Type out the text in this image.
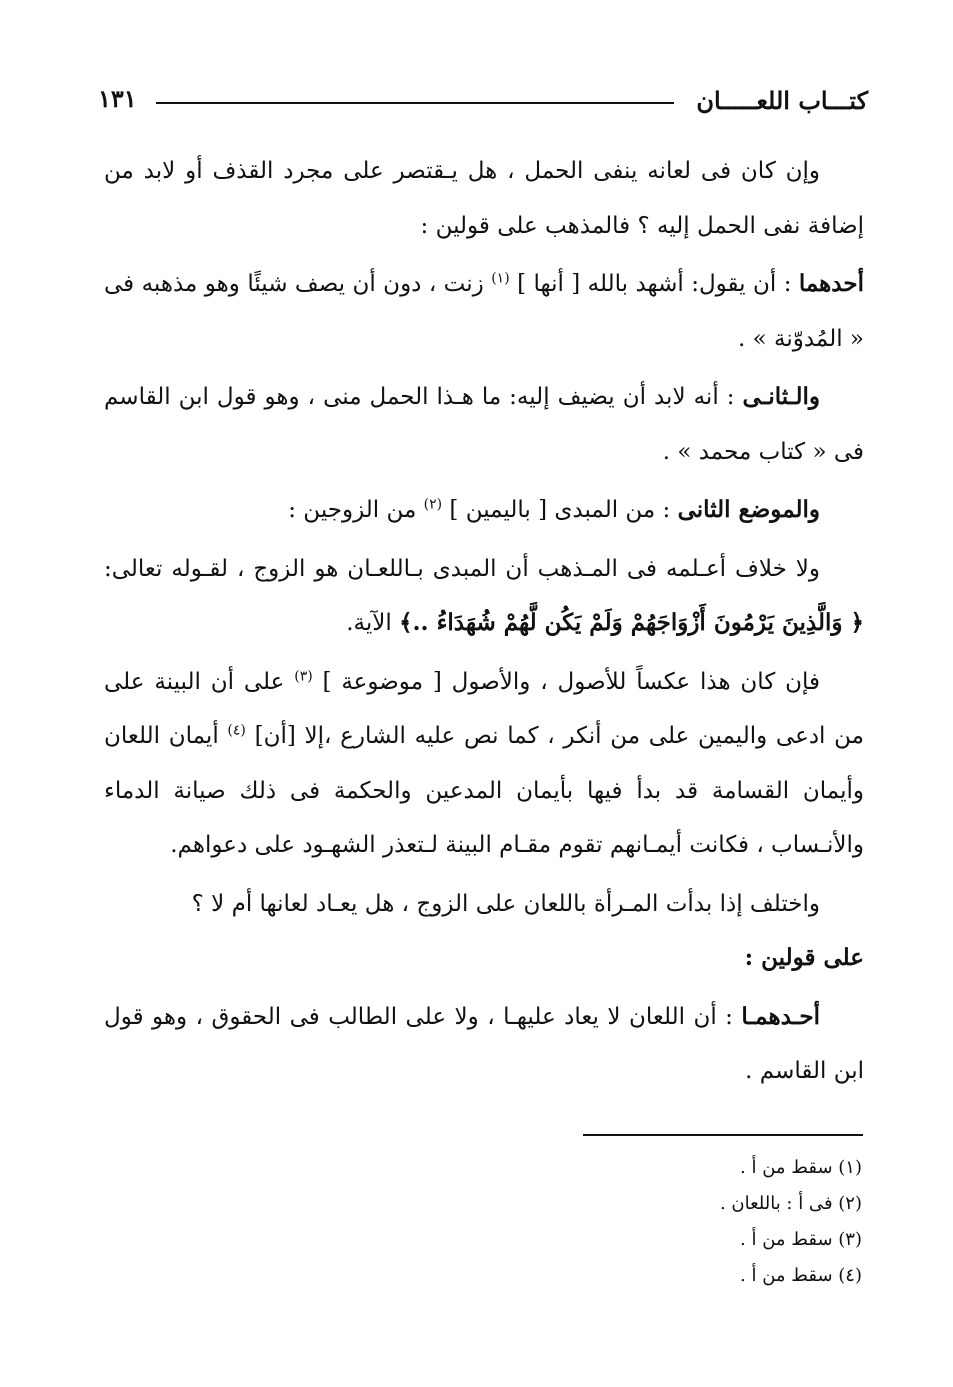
كتـــاب اللعـــــان
١٣١

وإن كان فى لعانه ينفى الحمل ، هل يـقتصر على مجرد القذف أو لابد من إضافة نفى الحمل إليه ؟ فالمذهب على قولين :

أحدهما : أن يقول: أشهد بالله [ أنها ] $^{(١)}$ زنت ، دون أن يصف شيئًا وهو مذهبه فى « المُدوّنة » .

والـثانـى : أنه لابد أن يضيف إليه: ما هـذا الحمل منى ، وهو قول ابن القاسم فى « كتاب محمد » .

والموضع الثانى : من المبدى [ باليمين ] $^{(٢)}$ من الزوجين :

ولا خلاف أعـلمه فى المـذهب أن المبدى بـاللعـان هو الزوج ، لقـوله تعالى: ﴿ وَالَّذِينَ يَرْمُونَ أَزْوَاجَهُمْ وَلَمْ يَكُن لَّهُمْ شُهَدَاءُ ..﴾ الآية.

فإن كان هذا عكساً للأصول ، والأصول [ موضوعة ] $^{(٣)}$ على أن البينة على من ادعى واليمين على من أنكر ، كما نص عليه الشارع ،إلا [أن] $^{(٤)}$ أيمان اللعان وأيمان القسامة قد بدأ فيها بأيمان المدعين والحكمة فى ذلك صيانة الدماء والأنـساب ، فكانت أيمـانهم تقوم مقـام البينة لـتعذر الشهـود على دعواهم.

واختلف إذا بدأت المـرأة باللعان على الزوج ، هل يعـاد لعانها أم لا ؟
على قولين :

أحـدهمـا : أن اللعان لا يعاد عليهـا ، ولا على الطالب فى الحقوق ، وهو قول ابن القاسم .

(١) سقط من أ .

(٢) فى أ : باللعان .

(٣) سقط من أ .

(٤) سقط من أ .
